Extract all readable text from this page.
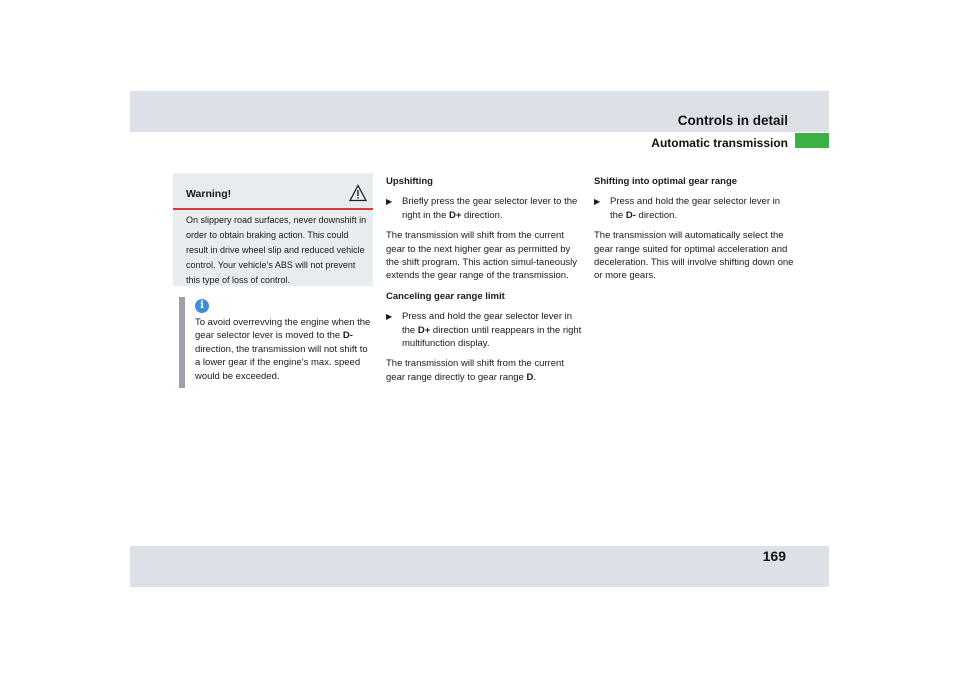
Controls in detail
Automatic transmission
Warning!
On slippery road surfaces, never downshift in order to obtain braking action. This could result in drive wheel slip and reduced vehicle control. Your vehicle’s ABS will not prevent this type of loss of control.
i
To avoid overrevving the engine when the gear selector lever is moved to the D- direction, the transmission will not shift to a lower gear if the engine’s max. speed would be exceeded.
Upshifting
▶ Briefly press the gear selector lever to the right in the D+ direction.

The transmission will shift from the current gear to the next higher gear as permitted by the shift program. This action simul-taneously extends the gear range of the transmission.

Canceling gear range limit
▶ Press and hold the gear selector lever in the D+ direction until reappears in the right multifunction display.

The transmission will shift from the current gear range directly to gear range D.

Shifting into optimal gear range
▶ Press and hold the gear selector lever in the D- direction.

The transmission will automatically select the gear range suited for optimal acceleration and deceleration. This will involve shifting down one or more gears.

169
